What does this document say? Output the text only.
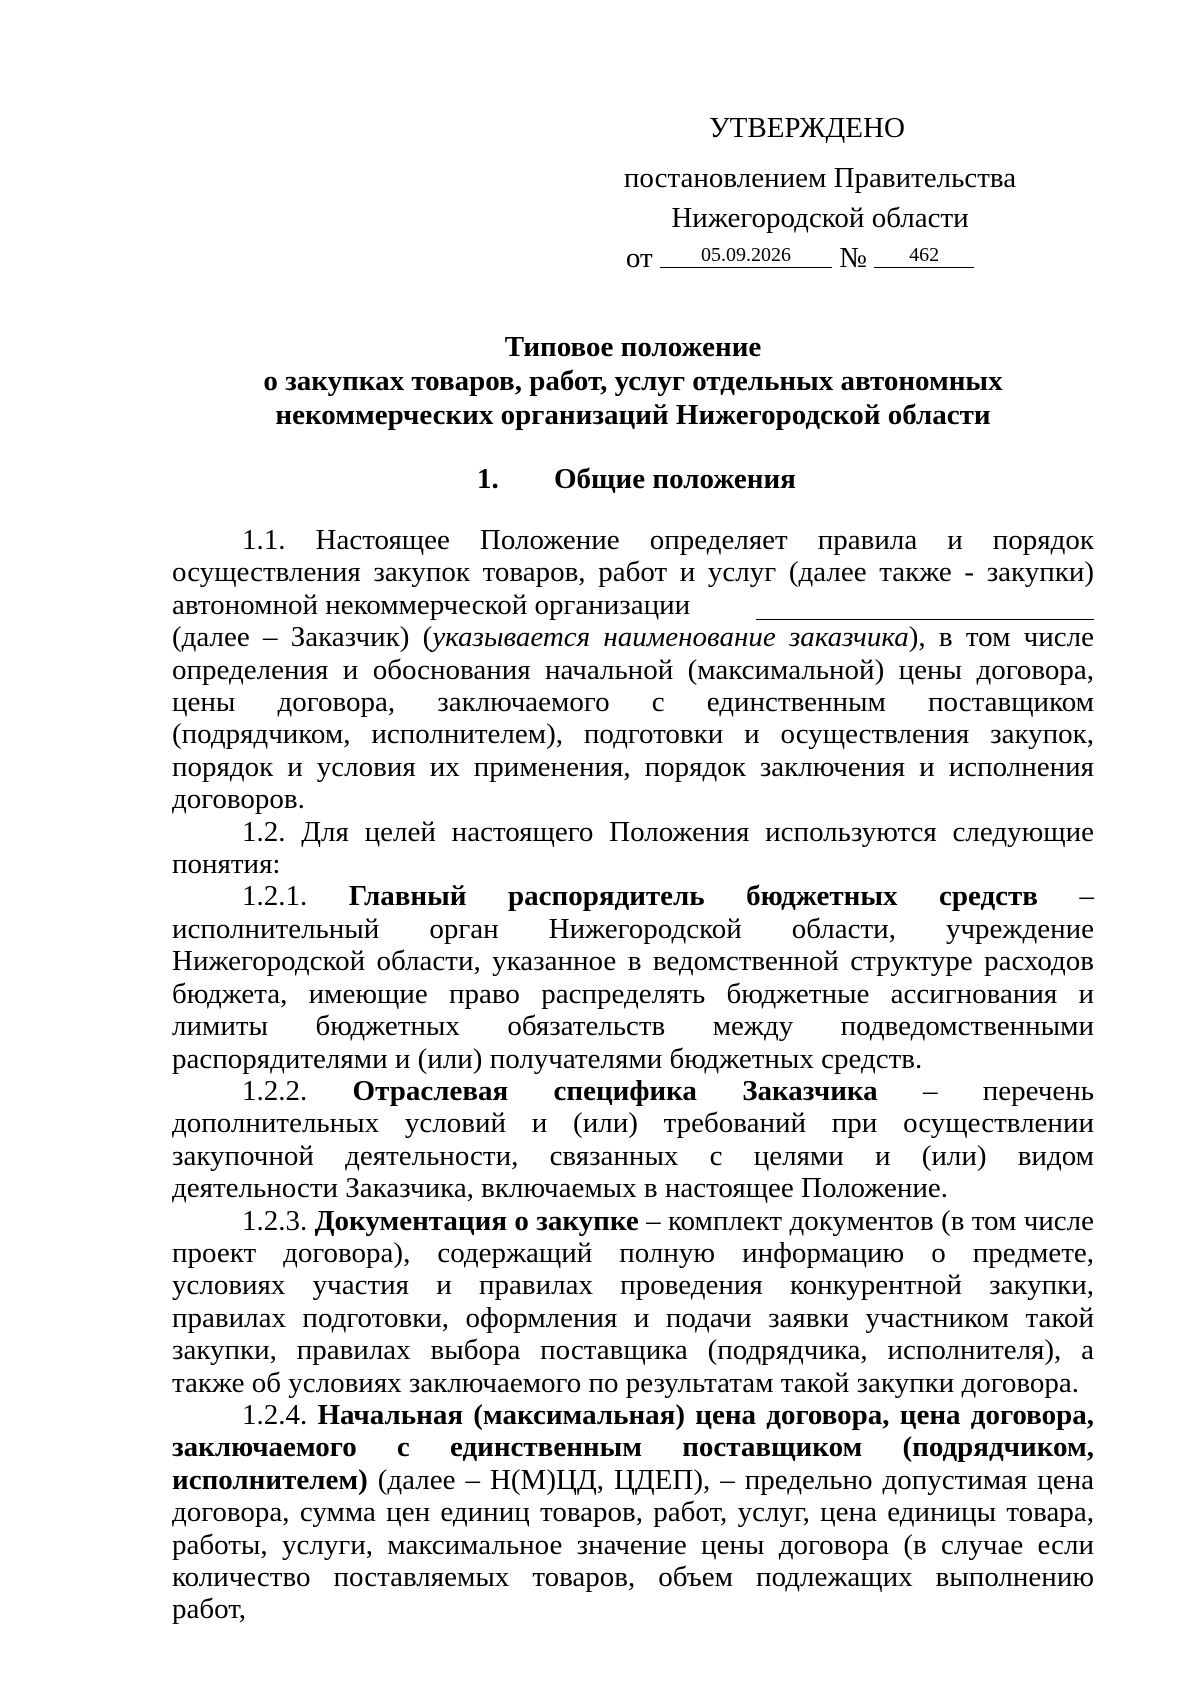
УТВЕРЖДЕНО
постановлением Правительства
Нижегородской области
от 05.09.2026 № 462
Типовое положение
о закупках товаров, работ, услуг отдельных автономных
некоммерческих организаций Нижегородской области
1. Общие положения

1.1. Настоящее Положение определяет правила и порядок осуществления закупок товаров, работ и услуг (далее также - закупки) автономной некоммерческой организации

(далее – Заказчик) (указывается наименование заказчика), в том числе определения и обоснования начальной (максимальной) цены договора, цены договора, заключаемого с единственным поставщиком (подрядчиком, исполнителем), подготовки и осуществления закупок, порядок и условия их применения, порядок заключения и исполнения договоров.

1.2. Для целей настоящего Положения используются следующие понятия:

1.2.1. Главный распорядитель бюджетных средств – исполнительный орган Нижегородской области, учреждение Нижегородской области, указанное в ведомственной структуре расходов бюджета, имеющие право распределять бюджетные ассигнования и лимиты бюджетных обязательств между подведомственными распорядителями и (или) получателями бюджетных средств.

1.2.2. Отраслевая специфика Заказчика – перечень дополнительных условий и (или) требований при осуществлении закупочной деятельности, связанных с целями и (или) видом деятельности Заказчика, включаемых в настоящее Положение.

1.2.3. Документация о закупке – комплект документов (в том числе проект договора), содержащий полную информацию о предмете, условиях участия и правилах проведения конкурентной закупки, правилах подготовки, оформления и подачи заявки участником такой закупки, правилах выбора поставщика (подрядчика, исполнителя), а также об условиях заключаемого по результатам такой закупки договора.

1.2.4. Начальная (максимальная) цена договора, цена договора, заключаемого с единственным поставщиком (подрядчиком, исполнителем) (далее – Н(М)ЦД, ЦДЕП), – предельно допустимая цена договора, сумма цен единиц товаров, работ, услуг, цена единицы товара, работы, услуги, максимальное значение цены договора (в случае если количество поставляемых товаров, объем подлежащих выполнению работ,
